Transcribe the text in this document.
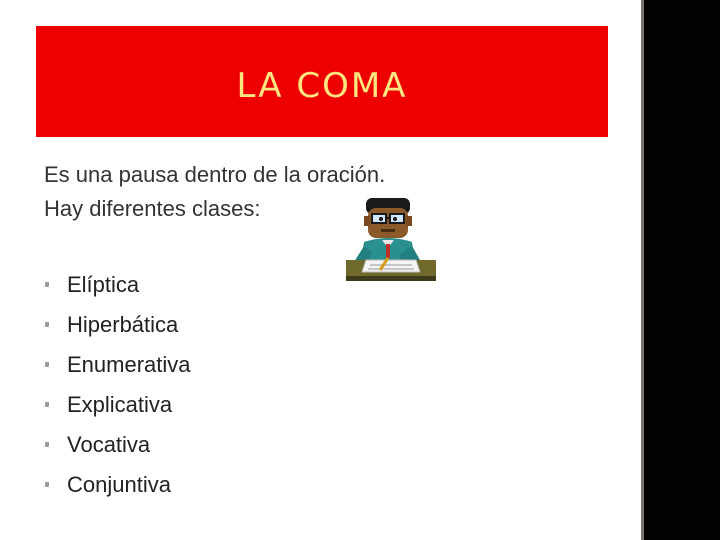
LA COMA
Es una pausa dentro de la oración.
Hay diferentes clases:
Elíptica
Hiperbática
Enumerativa
Explicativa
Vocativa
Conjuntiva
